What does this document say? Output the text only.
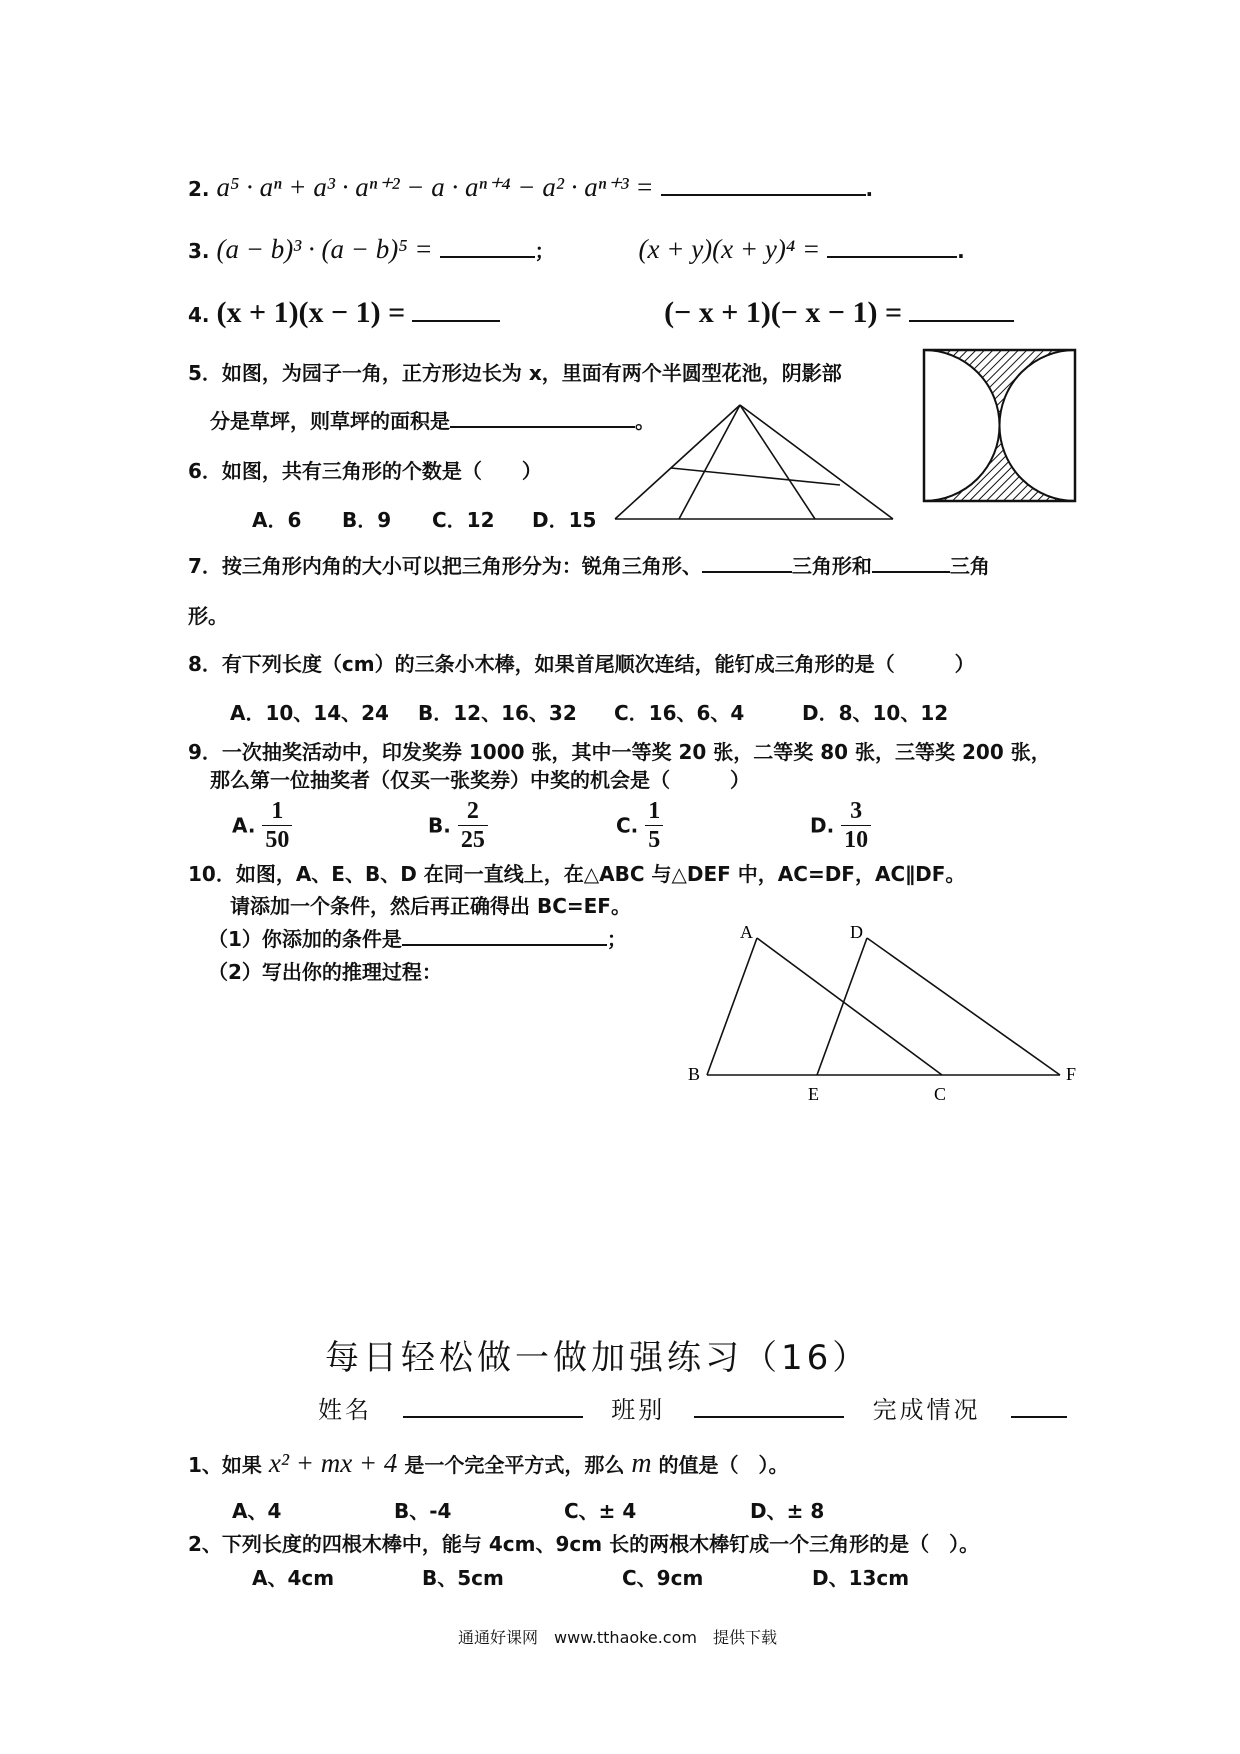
2. a⁵ · aⁿ + a³ · aⁿ⁺² − a · aⁿ⁺⁴ − a² · aⁿ⁺³ =	.
3. (a − b)³ · (a − b)⁵ =	；	(x + y)(x + y)⁴ =	.
4. (x + 1)(x − 1) =	(− x + 1)(− x − 1) =
5．如图，为园子一角，正方形边长为 x，里面有两个半圆型花池，阴影部
分是草坪，则草坪的面积是	。
6．如图，共有三角形的个数是（　　）
A．6 B．9 C．12 D．15
7．按三角形内角的大小可以把三角形分为：锐角三角形、	三角形和	三角
形。
8．有下列长度（cm）的三条小木棒，如果首尾顺次连结，能钉成三角形的是（　　　）
A．10、14、24 B．12、16、32 C．16、6、4	D．8、10、12
9．一次抽奖活动中，印发奖券 1000 张，其中一等奖 20 张，二等奖 80 张，三等奖 200 张，
那么第一位抽奖者（仅买一张奖券）中奖的机会是（　　　）
A. $\frac{1}{50}$	B. $\frac{2}{25}$	C. $\frac{1}{5}$	D. $\frac{3}{10}$
10．如图，A、E、B、D 在同一直线上，在△ABC 与△DEF 中，AC=DF，AC∥DF。
请添加一个条件，然后再正确得出 BC=EF。
（1）你添加的条件是	；
（2）写出你的推理过程：
A	D
B
E	C
F
每日轻松做一做加强练习（16）
姓名	班别	完成情况
1、如果 x² + mx + 4 是一个完全平方式，那么 m 的值是（　）。
A、4	B、-4	C、± 4	D、± 8
2、下列长度的四根木棒中，能与 4cm、9cm 长的两根木棒钉成一个三角形的是（　）。
A、4cm	B、5cm	C、9cm	D、13cm
通通好课网　www.tthaoke.com　提供下载
